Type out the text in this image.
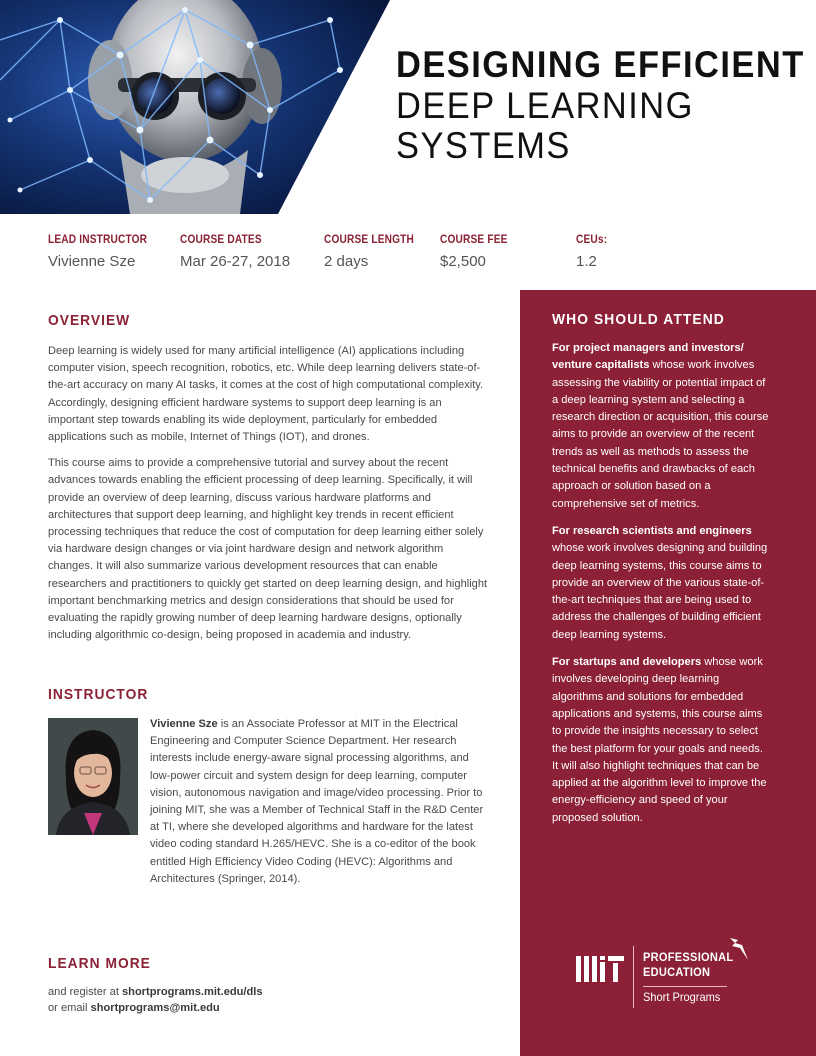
DESIGNING EFFICIENT
DEEP LEARNING
SYSTEMS
LEAD INSTRUCTOR
Vivienne Sze
COURSE DATES
Mar 26-27, 2018
COURSE LENGTH
2 days
COURSE FEE
$2,500
CEUs:
1.2
OVERVIEW

Deep learning is widely used for many artificial intelligence (AI) applications including computer vision, speech recognition, robotics, etc. While deep learning delivers state-of-the-art accuracy on many AI tasks, it comes at the cost of high computational complexity. Accordingly, designing efficient hardware systems to support deep learning is an important step towards enabling its wide deployment, particularly for embedded applications such as mobile, Internet of Things (IOT), and drones.

This course aims to provide a comprehensive tutorial and survey about the recent advances towards enabling the efficient processing of deep learning. Specifically, it will provide an overview of deep learning, discuss various hardware platforms and architectures that support deep learning, and highlight key trends in recent efficient processing techniques that reduce the cost of computation for deep learning either solely via hardware design changes or via joint hardware design and network algorithm changes. It will also summarize various development resources that can enable researchers and practitioners to quickly get started on deep learning design, and highlight important benchmarking metrics and design considerations that should be used for evaluating the rapidly growing number of deep learning hardware designs, optionally including algorithmic co-design, being proposed in academia and industry.

INSTRUCTOR

Vivienne Sze is an Associate Professor at MIT in the Electrical Engineering and Computer Science Department. Her research interests include energy-aware signal processing algorithms, and low-power circuit and system design for deep learning, computer vision, autonomous navigation and image/video processing. Prior to joining MIT, she was a Member of Technical Staff in the R&D Center at TI, where she developed algorithms and hardware for the latest video coding standard H.265/HEVC. She is a co-editor of the book entitled High Efficiency Video Coding (HEVC): Algorithms and Architectures (Springer, 2014).

LEARN MORE
and register at shortprograms.mit.edu/dls
or email shortprograms@mit.edu
WHO SHOULD ATTEND

For project managers and investors/ venture capitalists whose work involves assessing the viability or potential impact of a deep learning system and selecting a research direction or acquisition, this course aims to provide an overview of the recent trends as well as methods to assess the technical benefits and drawbacks of each approach or solution based on a comprehensive set of metrics.

For research scientists and engineers whose work involves designing and building deep learning systems, this course aims to provide an overview of the various state-of-the-art techniques that are being used to address the challenges of building efficient deep learning systems.

For startups and developers whose work involves developing deep learning algorithms and solutions for embedded applications and systems, this course aims to provide the insights necessary to select the best platform for your goals and needs. It will also highlight techniques that can be applied at the algorithm level to improve the energy-efficiency and speed of your proposed solution.

PROFESSIONAL
EDUCATION
Short Programs
